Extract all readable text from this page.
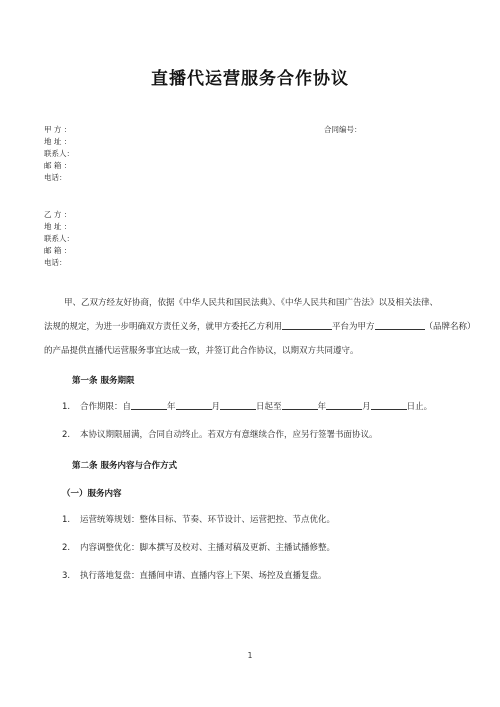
直播代运营服务合作协议
甲 方 ：	合同编号：
地 址 ：
联系人：
邮 箱 ：
电话：
乙 方 ：
地 址 ：
联系人：
邮 箱 ：
电话：
甲、乙双方经友好协商，依据《中华人民共和国民法典》、《中华人民共和国广告法》以及相关法律、
法规的规定，为进一步明确双方责任义务，就甲方委托乙方利用	平台为甲方	（品牌名称）
的产品提供直播代运营服务事宜达成一致，并签订此合作协议，以期双方共同遵守。
第一条 服务期限
1. 合作期限：自	年	月	日起至	年	月	日止。
2. 本协议期限届满，合同自动终止。若双方有意继续合作，应另行签署书面协议。
第二条 服务内容与合作方式
（一）服务内容
1. 运营统筹规划：整体目标、节奏、环节设计、运营把控、节点优化。
2. 内容调整优化：脚本撰写及校对、主播对稿及更新、主播试播修整。
3. 执行落地复盘：直播间申请、直播内容上下架、场控及直播复盘。
1
